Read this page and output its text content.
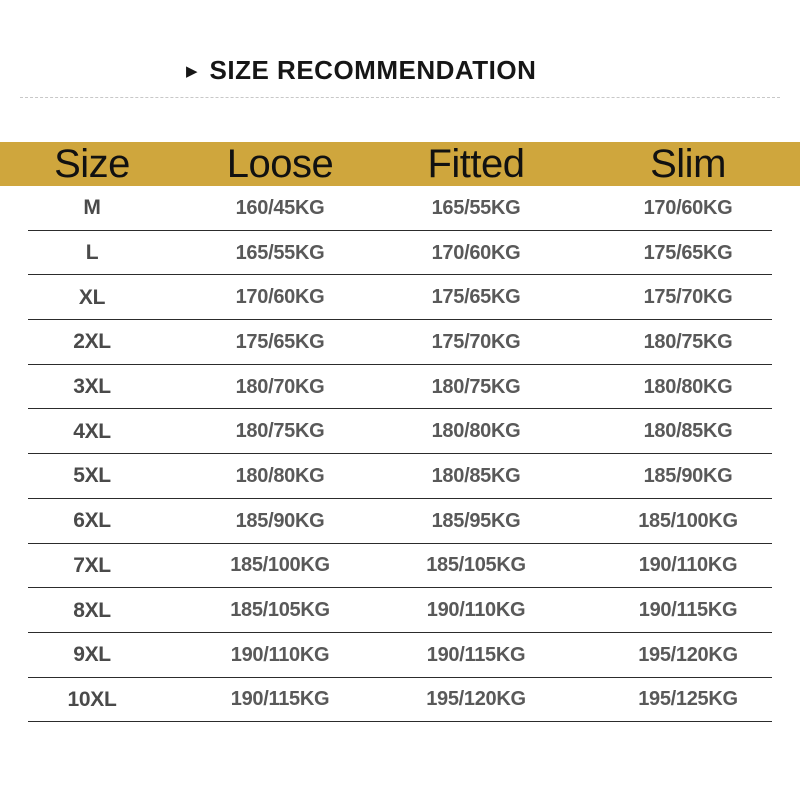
▶ SIZE RECOMMENDATION
Size	Loose	Fitted	Slim
M	160/45KG	165/55KG	170/60KG
L	165/55KG	170/60KG	175/65KG
XL	170/60KG	175/65KG	175/70KG
2XL	175/65KG	175/70KG	180/75KG
3XL	180/70KG	180/75KG	180/80KG
4XL	180/75KG	180/80KG	180/85KG
5XL	180/80KG	180/85KG	185/90KG
6XL	185/90KG	185/95KG	185/100KG
7XL	185/100KG	185/105KG	190/110KG
8XL	185/105KG	190/110KG	190/115KG
9XL	190/110KG	190/115KG	195/120KG
10XL	190/115KG	195/120KG	195/125KG
